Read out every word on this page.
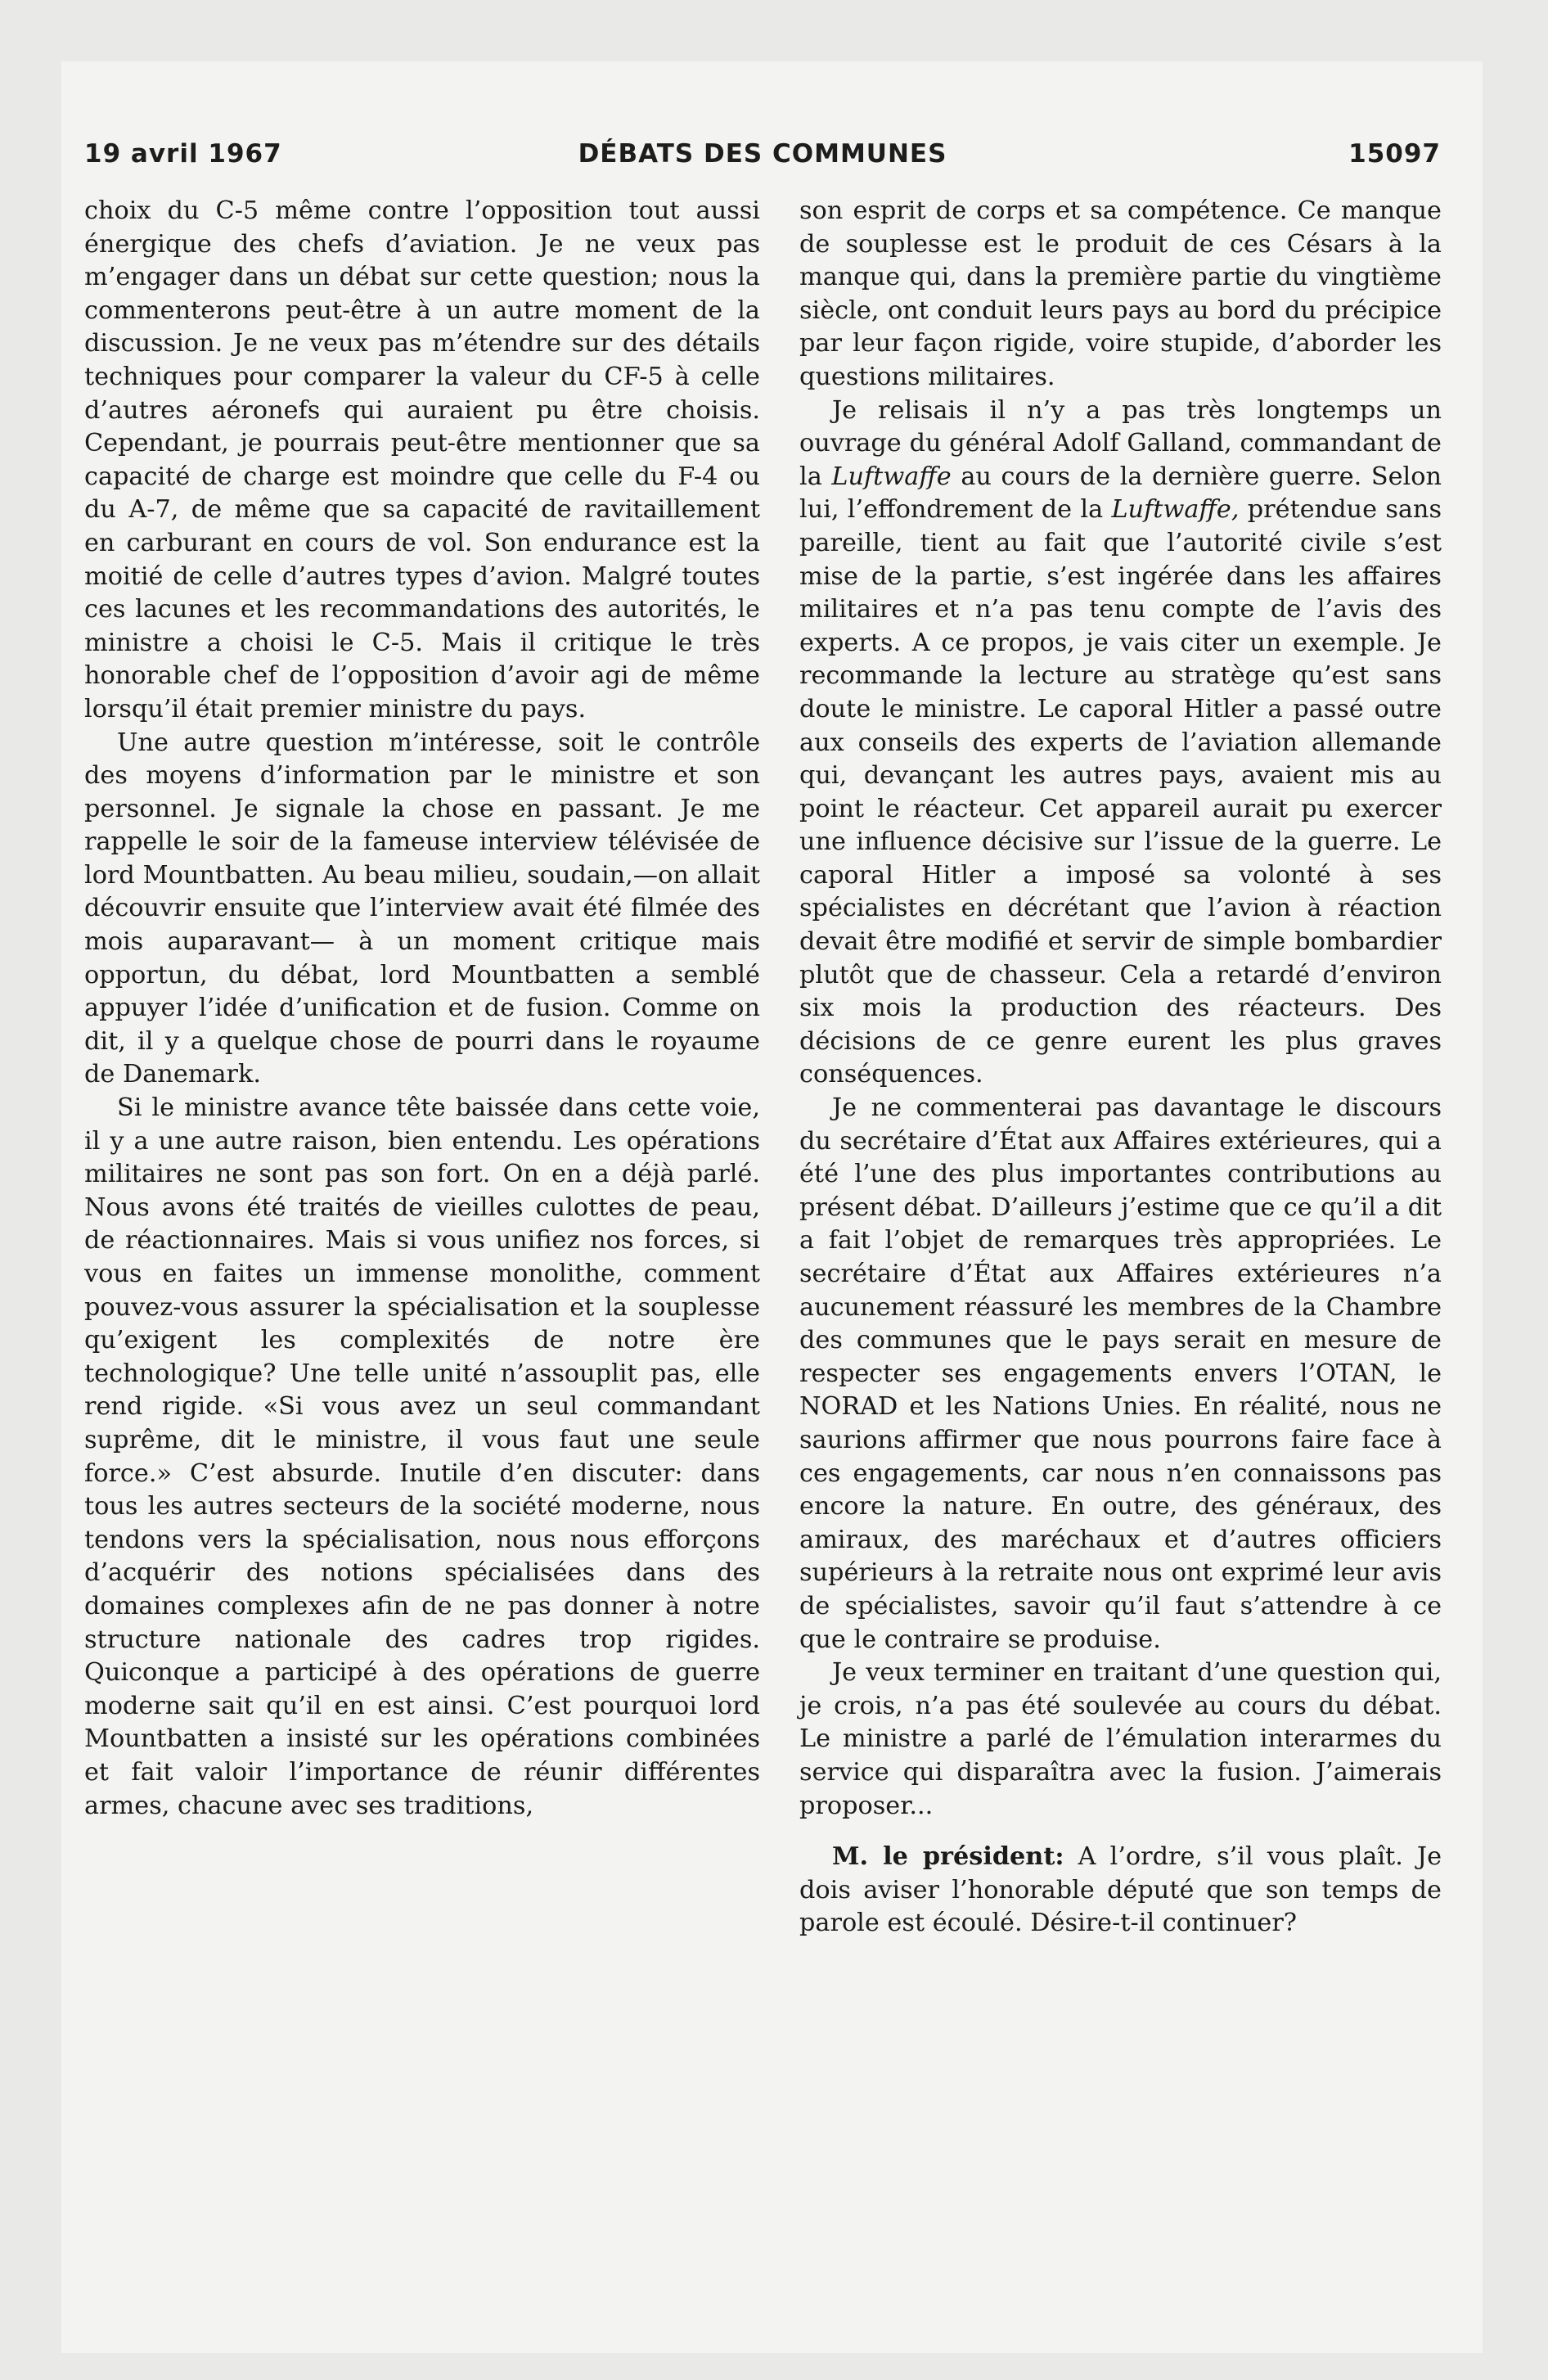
19 avril 1967	DÉBATS DES COMMUNES	15097

choix du C-5 même contre l’opposition tout aussi énergique des chefs d’aviation. Je ne veux pas m’engager dans un débat sur cette question; nous la commenterons peut-être à un autre moment de la discussion. Je ne veux pas m’étendre sur des détails techniques pour comparer la valeur du CF-5 à celle d’autres aéronefs qui auraient pu être choisis. Cependant, je pourrais peut-être mentionner que sa capacité de charge est moindre que celle du F-4 ou du A-7, de même que sa capacité de ravitaillement en carburant en cours de vol. Son endurance est la moitié de celle d’autres types d’avion. Malgré toutes ces lacunes et les recommandations des autorités, le ministre a choisi le C-5. Mais il critique le très honorable chef de l’opposition d’avoir agi de même lorsqu’il était premier ministre du pays.

Une autre question m’intéresse, soit le contrôle des moyens d’information par le ministre et son personnel. Je signale la chose en passant. Je me rappelle le soir de la fameuse interview télévisée de lord Mountbatten. Au beau milieu, soudain,—on allait découvrir ensuite que l’interview avait été filmée des mois auparavant— à un moment critique mais opportun, du débat, lord Mountbatten a semblé appuyer l’idée d’unification et de fusion. Comme on dit, il y a quelque chose de pourri dans le royaume de Danemark.

Si le ministre avance tête baissée dans cette voie, il y a une autre raison, bien entendu. Les opérations militaires ne sont pas son fort. On en a déjà parlé. Nous avons été traités de vieilles culottes de peau, de réactionnaires. Mais si vous unifiez nos forces, si vous en faites un immense monolithe, comment pouvez-vous assurer la spécialisation et la souplesse qu’exigent les complexités de notre ère technologique? Une telle unité n’assouplit pas, elle rend rigide. «Si vous avez un seul commandant suprême, dit le ministre, il vous faut une seule force.» C’est absurde. Inutile d’en discuter: dans tous les autres secteurs de la société moderne, nous tendons vers la spécialisation, nous nous efforçons d’acquérir des notions spécialisées dans des domaines complexes afin de ne pas donner à notre structure nationale des cadres trop rigides. Quiconque a participé à des opérations de guerre moderne sait qu’il en est ainsi. C’est pourquoi lord Mountbatten a insisté sur les opérations combinées et fait valoir l’importance de réunir différentes armes, chacune avec ses traditions,

son esprit de corps et sa compétence. Ce manque de souplesse est le produit de ces Césars à la manque qui, dans la première partie du vingtième siècle, ont conduit leurs pays au bord du précipice par leur façon rigide, voire stupide, d’aborder les questions militaires.

Je relisais il n’y a pas très longtemps un ouvrage du général Adolf Galland, commandant de la Luftwaffe au cours de la dernière guerre. Selon lui, l’effondrement de la Luftwaffe, prétendue sans pareille, tient au fait que l’autorité civile s’est mise de la partie, s’est ingérée dans les affaires militaires et n’a pas tenu compte de l’avis des experts. A ce propos, je vais citer un exemple. Je recommande la lecture au stratège qu’est sans doute le ministre. Le caporal Hitler a passé outre aux conseils des experts de l’aviation allemande qui, devançant les autres pays, avaient mis au point le réacteur. Cet appareil aurait pu exercer une influence décisive sur l’issue de la guerre. Le caporal Hitler a imposé sa volonté à ses spécialistes en décrétant que l’avion à réaction devait être modifié et servir de simple bombardier plutôt que de chasseur. Cela a retardé d’environ six mois la production des réacteurs. Des décisions de ce genre eurent les plus graves conséquences.

Je ne commenterai pas davantage le discours du secrétaire d’État aux Affaires extérieures, qui a été l’une des plus importantes contributions au présent débat. D’ailleurs j’estime que ce qu’il a dit a fait l’objet de remarques très appropriées. Le secrétaire d’État aux Affaires extérieures n’a aucunement réassuré les membres de la Chambre des communes que le pays serait en mesure de respecter ses engagements envers l’OTAN, le NORAD et les Nations Unies. En réalité, nous ne saurions affirmer que nous pourrons faire face à ces engagements, car nous n’en connaissons pas encore la nature. En outre, des généraux, des amiraux, des maréchaux et d’autres officiers supérieurs à la retraite nous ont exprimé leur avis de spécialistes, savoir qu’il faut s’attendre à ce que le contraire se produise.

Je veux terminer en traitant d’une question qui, je crois, n’a pas été soulevée au cours du débat. Le ministre a parlé de l’émulation interarmes du service qui disparaîtra avec la fusion. J’aimerais proposer...

M. le président: A l’ordre, s’il vous plaît. Je dois aviser l’honorable député que son temps de parole est écoulé. Désire-t-il continuer?
